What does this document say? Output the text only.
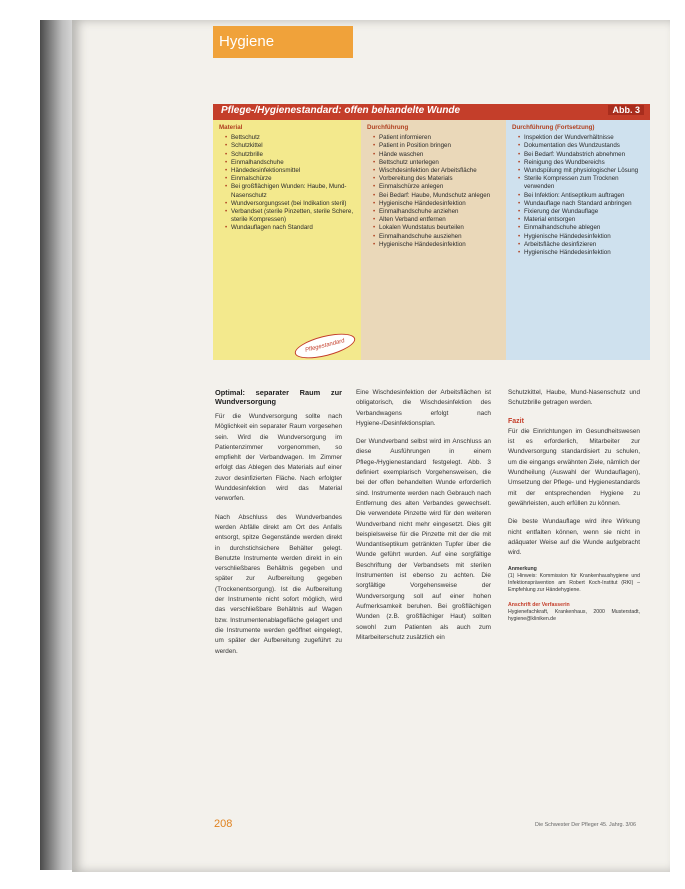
Hygiene
Pflege-/Hygienestandard: offen behandelte Wunde	Abb. 3
Material
• Bettschutz
• Schutzkittel
• Schutzbrille
• Einmalhandschuhe
• Händedesinfektionsmittel
• Einmalschürze
• Bei großflächigen Wunden: Haube, Mund-Nasenschutz
• Wundversorgungsset (bei Indikation steril)
• Verbandset (sterile Pinzetten, sterile Schere, sterile Kompressen)
• Wundauflagen nach Standard
Durchführung
• Patient informieren
• Patient in Position bringen
• Hände waschen
• Bettschutz unterlegen
• Wischdesinfektion der Arbeitsfläche
• Vorbereitung des Materials
• Einmalschürze anlegen
• Bei Bedarf: Haube, Mundschutz anlegen
• Hygienische Händedesinfektion
• Einmalhandschuhe anziehen
• Alten Verband entfernen
• Lokalen Wundstatus beurteilen
• Einmalhandschuhe ausziehen
• Hygienische Händedesinfektion
Durchführung (Fortsetzung)
• Inspektion der Wundverhältnisse
• Dokumentation des Wundzustands
• Bei Bedarf: Wundabstrich abnehmen
• Reinigung des Wundbereichs
• Wundspülung mit physiologischer Lösung
• Sterile Kompressen zum Trocknen verwenden
• Bei Infektion: Antiseptikum auftragen
• Wundauflage nach Standard anbringen
• Fixierung der Wundauflage
• Material entsorgen
• Einmalhandschuhe ablegen
• Hygienische Händedesinfektion
• Arbeitsfläche desinfizieren
• Hygienische Händedesinfektion
Pflegestandard
Optimal: separater Raum zur Wundversorgung

Für die Wundversorgung sollte nach Möglichkeit ein separater Raum vorgesehen sein. Wird die Wundversorgung im Patientenzimmer vorgenommen, so empfiehlt der Verbandwagen. Im Zimmer erfolgt das Ablegen des Materials auf einer zuvor desinfizierten Fläche. Nach erfolgter Wunddesinfektion wird das Material verworfen.

Nach Abschluss des Wundverbandes werden Abfälle direkt am Ort des Anfalls entsorgt, spitze Gegenstände werden direkt in durchstichsichere Behälter gelegt. Benutzte Instrumente werden direkt in ein verschließbares Behältnis gegeben und später zur Aufbereitung gegeben (Trockenentsorgung). Ist die Aufbereitung der Instrumente nicht sofort möglich, wird das verschließbare Behältnis auf Wagen bzw. Instrumentenablagefläche gelagert und die Instrumente werden geöffnet eingelegt, um später der Aufbereitung zugeführt zu werden.

Eine Wischdesinfektion der Arbeitsflächen ist obligatorisch, die Wischdesinfektion des Verbandwagens erfolgt nach Hygiene-/Desinfektionsplan.

Der Wundverband selbst wird im Anschluss an diese Ausführungen in einem Pflege-/Hygienestandard festgelegt. Abb. 3 definiert exemplarisch Vorgehensweisen, die bei der offen behandelten Wunde erforderlich sind. Instrumente werden nach Gebrauch nach Entfernung des alten Verbandes gewechselt. Die verwendete Pinzette wird für den weiteren Wundverband nicht mehr eingesetzt. Dies gilt beispielsweise für die Pinzette mit der die mit Wundantiseptikum getränkten Tupfer über die Wunde geführt wurden. Auf eine sorgfältige Beschriftung der Verbandsets mit sterilen Instrumenten ist ebenso zu achten. Die sorgfältige Vorgehensweise der Wundversorgung soll auf einer hohen Aufmerksamkeit beruhen. Bei großflächigen Wunden (z.B. großflächiger Haut) sollten sowohl zum Patienten als auch zum Mitarbeiterschutz zusätzlich ein

Schutzkittel, Haube, Mund-Nasenschutz und Schutzbrille getragen werden.

Fazit

Für die Einrichtungen im Gesundheitswesen ist es erforderlich, Mitarbeiter zur Wundversorgung standardisiert zu schulen, um die eingangs erwähnten Ziele, nämlich der Wundheilung (Auswahl der Wundauflagen), Umsetzung der Pflege- und Hygienestandards mit der entsprechenden Hygiene zu gewährleisten, auch erfüllen zu können.

Die beste Wundauflage wird ihre Wirkung nicht entfalten können, wenn sie nicht in adäquater Weise auf die Wunde aufgebracht wird.

Anmerkung

(1) Hinweis: Kommission für Krankenhaushygiene und Infektionsprävention am Robert Koch-Institut (RKI) – Empfehlung zur Händehygiene.

Anschrift der Verfasserin

Hygienefachkraft, Krankenhaus, 2000 Musterstadt, hygiene@kliniken.de

208	Die Schwester Der Pfleger 45. Jahrg. 3/06
